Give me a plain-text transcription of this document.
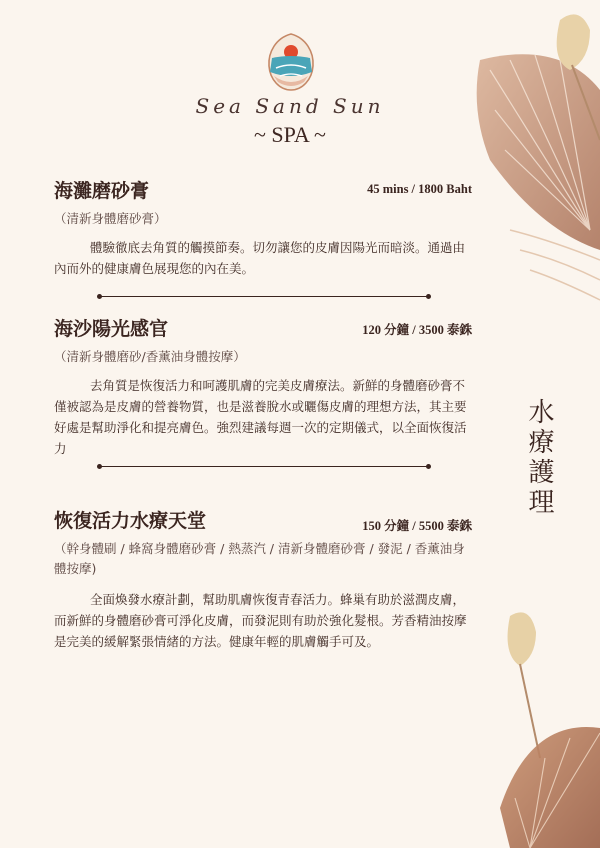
Sea Sand Sun
~ SPA ~
45 mins / 1800 Baht
海灘磨砂膏
（清新身體磨砂膏）
體驗徹底去角質的觸摸節奏。切勿讓您的皮膚因陽光而暗淡。通過由內而外的健康膚色展現您的內在美。
120 分鐘 / 3500 泰銖
海沙陽光感官
（清新身體磨砂/香薰油身體按摩）
去角質是恢復活力和呵護肌膚的完美皮膚療法。新鮮的身體磨砂膏不僅被認為是皮膚的營養物質，也是滋養脫水或曬傷皮膚的理想方法，其主要好處是幫助淨化和提亮膚色。強烈建議每週一次的定期儀式，以全面恢復活力
150 分鐘 / 5500 泰銖
恢復活力水療天堂
（幹身體刷 / 蜂窩身體磨砂膏 / 熱蒸汽 / 清新身體磨砂膏 / 發泥 / 香薰油身體按摩)
全面煥發水療計劃，幫助肌膚恢復青春活力。蜂巢有助於滋潤皮膚，而新鮮的身體磨砂膏可淨化皮膚，而發泥則有助於強化髮根。芳香精油按摩是完美的緩解緊張情緒的方法。健康年輕的肌膚觸手可及。
水療護理
